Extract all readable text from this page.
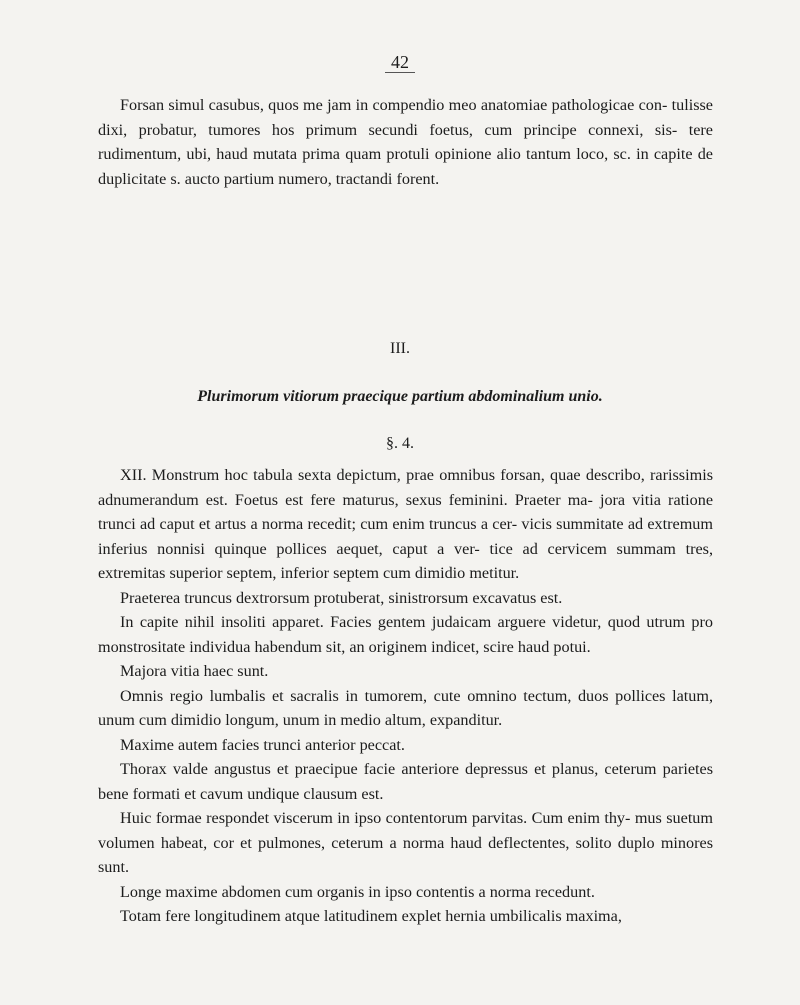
42

Forsan simul casubus, quos me jam in compendio meo anatomiae pathologicae con- tulisse dixi, probatur, tumores hos primum secundi foetus, cum principe connexi, sis- tere rudimentum, ubi, haud mutata prima quam protuli opinione alio tantum loco, sc. in capite de duplicitate s. aucto partium numero, tractandi forent.

III.
Plurimorum vitiorum praecique partium abdominalium unio.
§. 4.

XII. Monstrum hoc tabula sexta depictum, prae omnibus forsan, quae describo, rarissimis adnumerandum est. Foetus est fere maturus, sexus feminini. Praeter ma- jora vitia ratione trunci ad caput et artus a norma recedit; cum enim truncus a cer- vicis summitate ad extremum inferius nonnisi quinque pollices aequet, caput a ver- tice ad cervicem summam tres, extremitas superior septem, inferior septem cum dimidio metitur.

Praeterea truncus dextrorsum protuberat, sinistrorsum excavatus est.

In capite nihil insoliti apparet. Facies gentem judaicam arguere videtur, quod utrum pro monstrositate individua habendum sit, an originem indicet, scire haud potui.

Majora vitia haec sunt.

Omnis regio lumbalis et sacralis in tumorem, cute omnino tectum, duos pollices latum, unum cum dimidio longum, unum in medio altum, expanditur.

Maxime autem facies trunci anterior peccat.

Thorax valde angustus et praecipue facie anteriore depressus et planus, ceterum parietes bene formati et cavum undique clausum est.

Huic formae respondet viscerum in ipso contentorum parvitas. Cum enim thy- mus suetum volumen habeat, cor et pulmones, ceterum a norma haud deflectentes, solito duplo minores sunt.

Longe maxime abdomen cum organis in ipso contentis a norma recedunt.

Totam fere longitudinem atque latitudinem explet hernia umbilicalis maxima,
